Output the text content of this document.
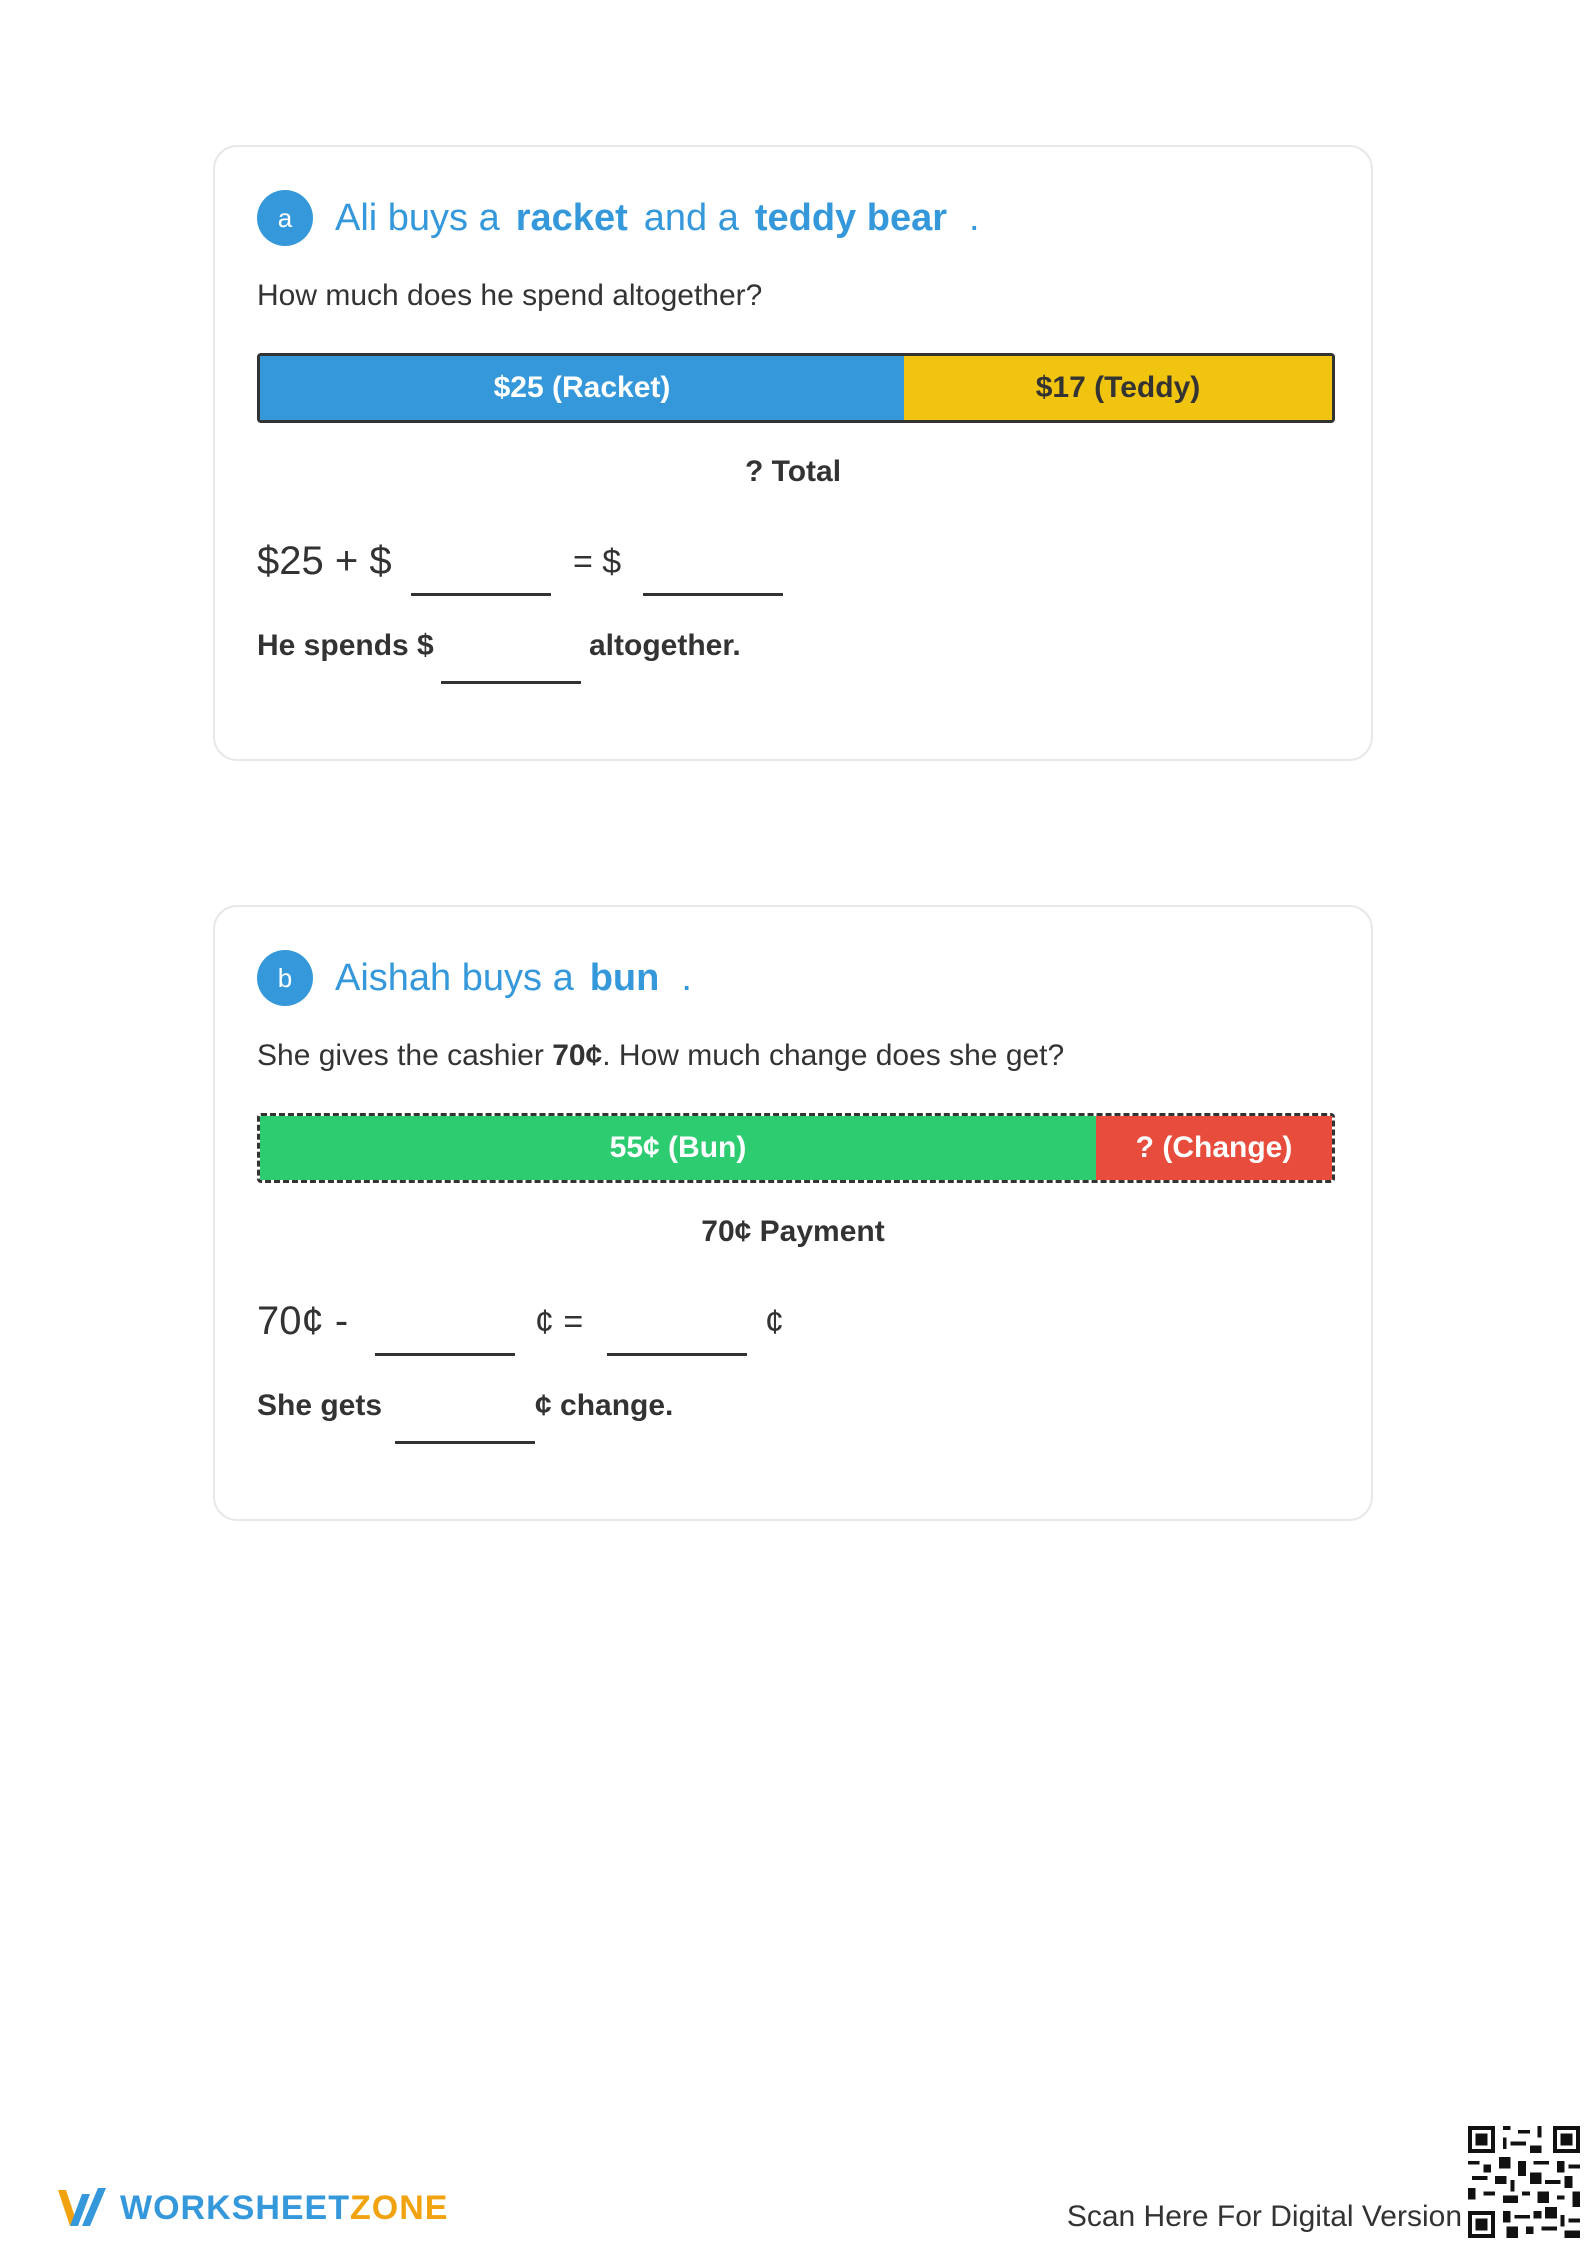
a	Ali buys a racket and a teddy bear .
How much does he spend altogether?
$25 (Racket)	$17 (Teddy)
? Total
$25 + $	= $
He spends $	altogether.
b	Aishah buys a bun .
She gives the cashier 70¢. How much change does she get?
55¢ (Bun)	? (Change)
70¢ Payment
70¢ -	¢ =	¢
She gets	¢ change.
WORKSHEETZONE	Scan Here For Digital Version
